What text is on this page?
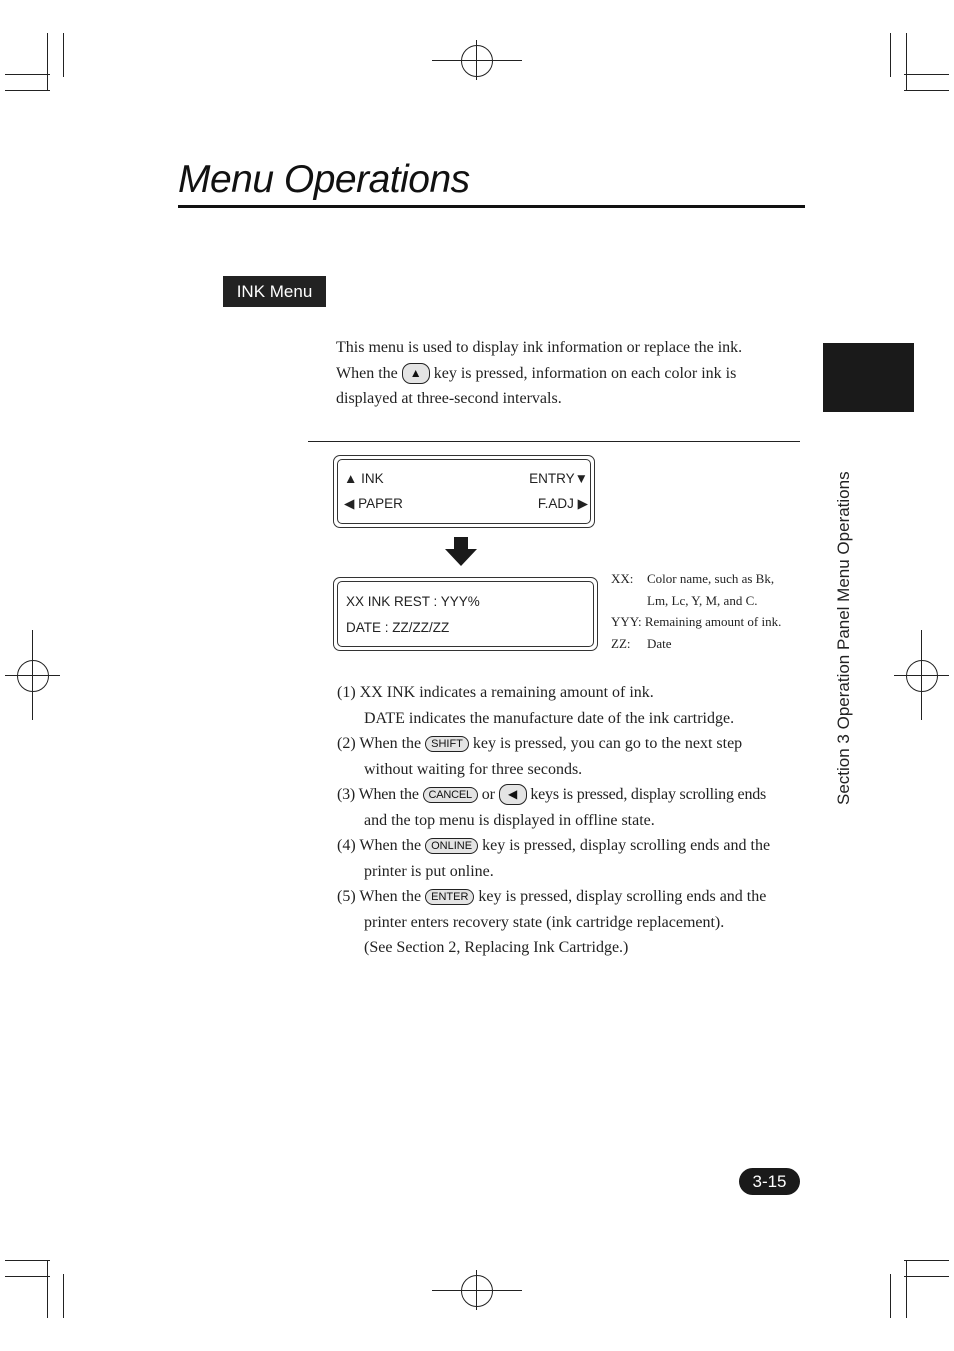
Menu Operations
INK Menu
Section 3 Operation Panel Menu Operations
This menu is used to display ink information or replace the ink.
When the ▲ key is pressed, information on each color ink is
displayed at three-second intervals.
▲ INK	ENTRY▼
◀ PAPER	F.ADJ ▶
XX INK REST : YYY%
DATE : ZZ/ZZ/ZZ
XX: Color name, such as Bk,
Lm, Lc, Y, M, and C.
YYY: Remaining amount of ink.
ZZ: Date
(1) XX INK indicates a remaining amount of ink.
DATE indicates the manufacture date of the ink cartridge.
(2) When the SHIFT key is pressed, you can go to the next step
without waiting for three seconds.
(3) When the CANCEL or ◀ keys is pressed, display scrolling ends
and the top menu is displayed in offline state.
(4) When the ONLINE key is pressed, display scrolling ends and the
printer is put online.
(5) When the ENTER key is pressed, display scrolling ends and the
printer enters recovery state (ink cartridge replacement).
(See Section 2, Replacing Ink Cartridge.)
3-15
